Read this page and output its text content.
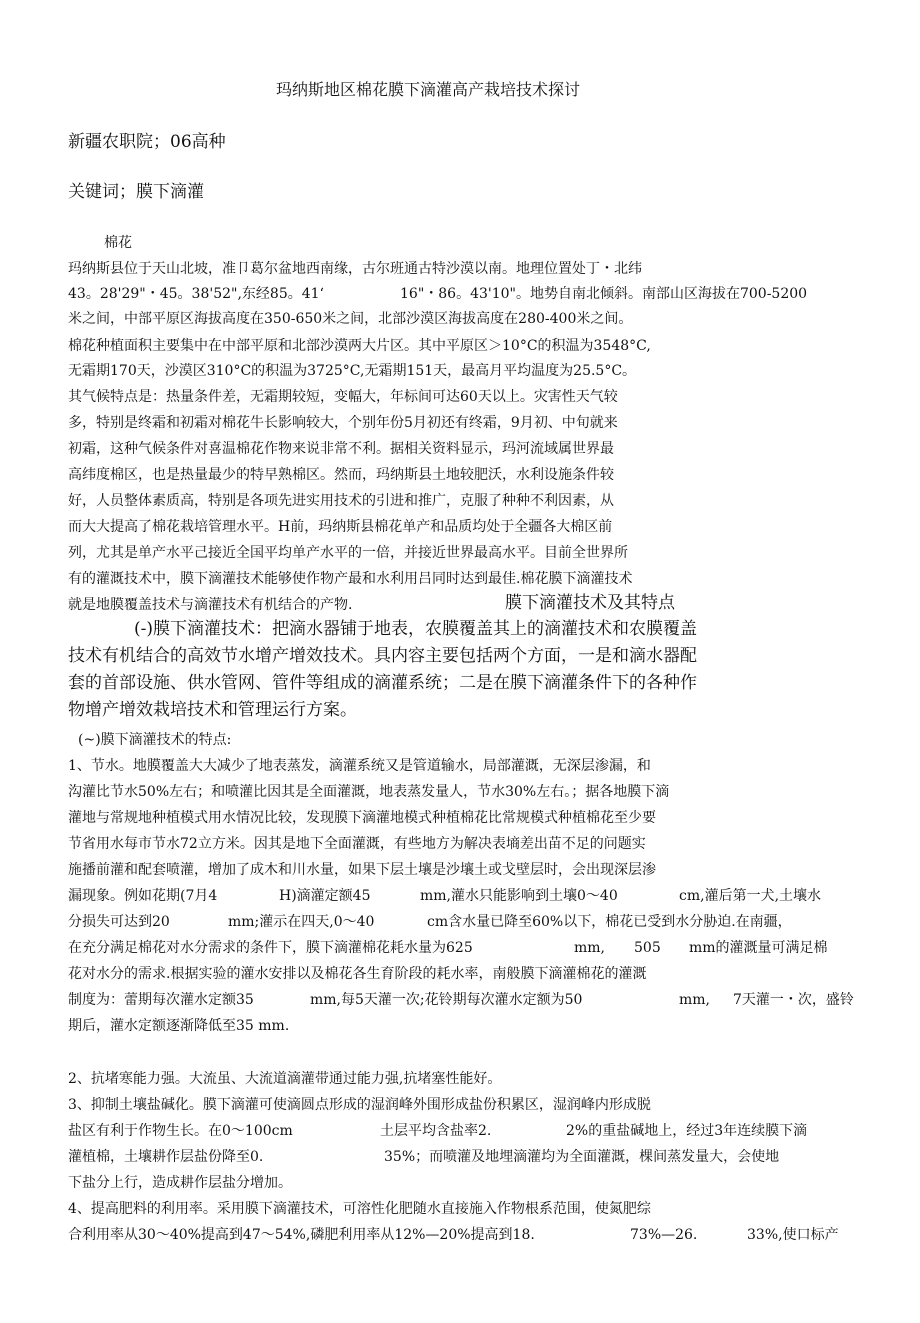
玛纳斯地区棉花膜下滴灌高产栽培技术探讨
新疆农职院；06高种
关键词；膜下滴灌
棉花
玛纳斯县位于天山北坡，准卩葛尔盆地西南缘，古尔班通古特沙漠以南。地理位置处丁・北纬
43。28'29"・45。38'52",东经85。41‘	16"・86。43'10"。地势自南北倾斜。南部山区海拔在700-5200
米之间，中部平原区海拔高度在350-650米之间，北部沙漠区海拔高度在280-400米之间。
棉花种植面积主要集中在中部平原和北部沙漠两大片区。其中平原区＞10°C的积温为3548°C,
无霜期170天，沙漠区310°C的积温为3725°C,无霜期151天，最高月平均温度为25.5°C。
其气候特点是：热量条件差，无霜期较短，变幅大，年标间可达60天以上。灾害性天气较
多，特别是终霜和初霜对棉花牛长影响较大，个别年份5月初还有终霜，9月初、中旬就来
初霜，这种气候条件对喜温棉花作物来说非常不利。据相关资料显示，玛河流域属世界最
高纬度棉区，也是热量最少的特早熟棉区。然而，玛纳斯县土地较肥沃，水利设施条件较
好，人员整体素质高，特别是各项先进实用技术的引进和推广，克服了种种不利因素，从
而大大提高了棉花栽培管理水平。H前，玛纳斯县棉花单产和品质均处于全疆各大棉区前
列，尤其是单产水平己接近全国平均单产水平的一倍，并接近世界最高水平。目前全世界所
有的灌溉技术中，膜下滴灌技术能够使作物产最和水利用吕同时达到最佳.棉花膜下滴灌技术
就是地膜覆盖技术与滴灌技术有机结合的产物.	膜下滴灌技术及其特点
(-)膜下滴灌技术：把滴水器铺于地表，农膜覆盖其上的滴灌技术和农膜覆盖
技术有机结合的高效节水增产增效技术。具内容主要包括两个方面，一是和滴水器配
套的首部设施、供水管网、管件等组成的滴灌系统；二是在膜下滴灌条件下的各种作
物增产增效栽培技术和管理运行方案。
(~)膜下滴灌技术的特点:
1、节水。地膜覆盖大大减少了地表蒸发，滴灌系统又是管道输水，局部灌溉，无深层渗漏，和
沟灌比节水50%左右；和喷灌比因其是全面灌溉，地表蒸发量人，节水30%左右。；据各地膜下滴
灌地与常规地种植模式用水情况比较，发现膜下滴灌地模式种植棉花比常规模式种植棉花至少要
节省用水每市节水72立方米。因其是地下全面灌溉，有些地方为解决表墒差出苗不足的问题实
施播前灌和配套喷灌，增加了成木和川水量，如果下层土壤是沙壤土或戈壁层时，会出现深层渗
漏现象。例如花期(7月4	H)滴灌定额45	mm,灌水只能影响到土壤0～40	cm,灌后第一犬,土壤水
分损失可达到20	mm;灌示在四天,0～40	cm含水量已降至60%以下，棉花已受到水分胁迫.在南疆，
在充分满足棉花对水分需求的条件下，膜下滴灌棉花耗水量为625	mm, 505 mm的灌溉量可满足棉
花对水分的需求.根据实验的灌水安排以及棉花各生育阶段的耗水率，南般膜下滴灌棉花的灌溉
制度为：蕾期每次灌水定额35	mm,每5天灌一次;花铃期每次灌水定额为50	mm, 7天灌一・次，盛铃
期后，灌水定额逐渐降低至35 mm.
2、抗堵寒能力强。大流虽、大流道滴灌带通过能力强,抗堵塞性能好。
3、抑制土壤盐碱化。膜下滴灌可使滴圆点形成的湿润峰外围形成盐份积累区，湿润峰内形成脱
盐区有利于作物生长。在0～100cm	土层平均含盐率2.	2%的重盐碱地上，经过3年连续膜下滴
灌植棉，土壤耕作层盐份降至0.	35%；而喷灌及地埋滴灌均为全面灌溉，棵间蒸发量大，会使地
下盐分上行，造成耕作层盐分增加。
4、提高肥料的利用率。采用膜下滴灌技术，可溶性化肥随水直接施入作物根系范围，使氮肥综
合利用率从30～40%提高到47～54%,磷肥利用率从12%—20%提高到18.	73%—26.	33%,使口标产
